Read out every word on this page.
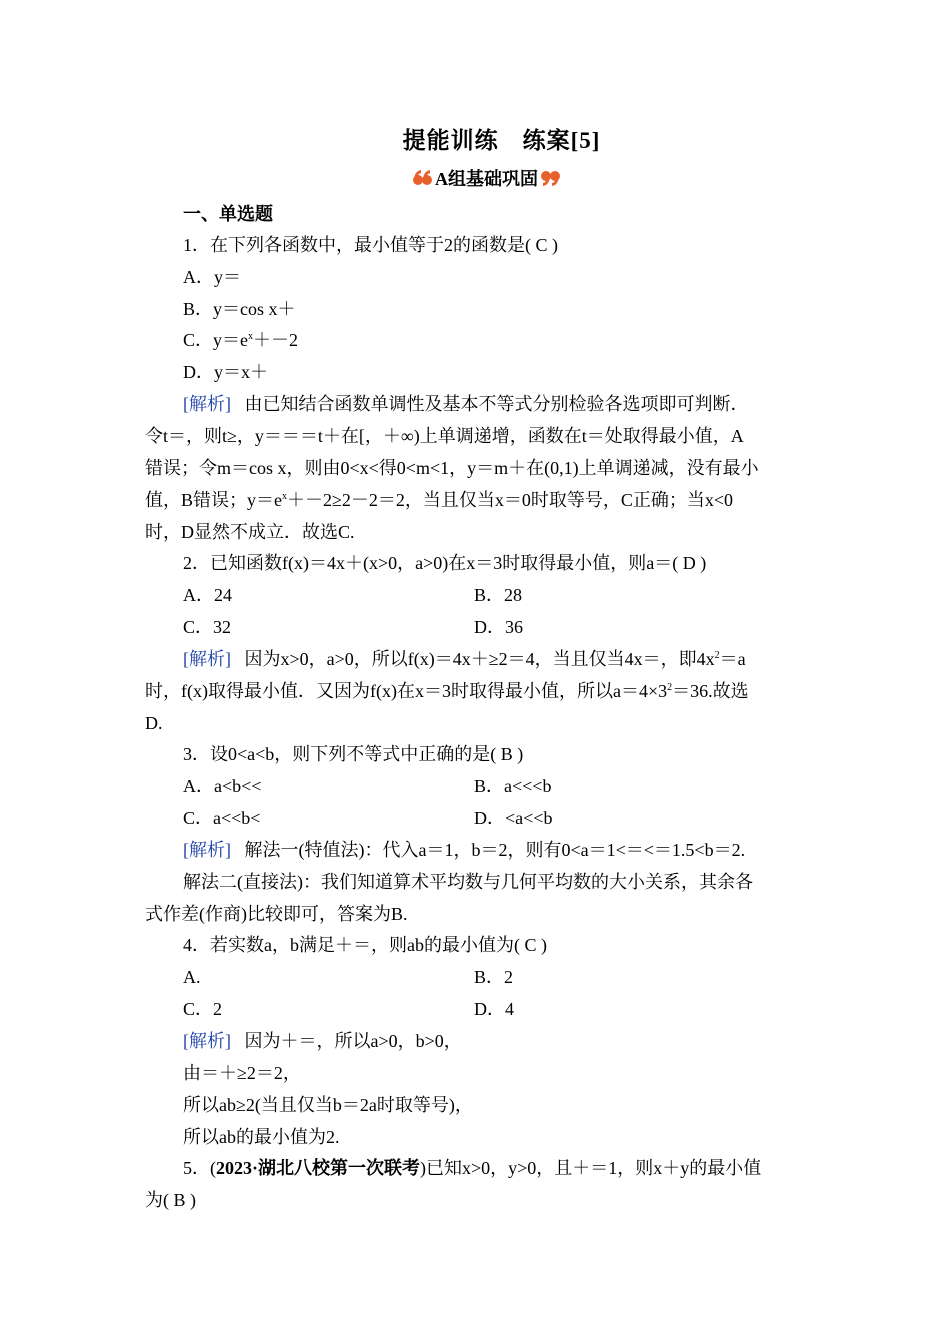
提能训练　练案[5]
A组基础巩固
一、单选题
1．在下列各函数中，最小值等于2的函数是( C )
A．y＝
B．y＝cos x＋
C．$y=e^x+-2$
D．y＝x＋
[解析] 由已知结合函数单调性及基本不等式分别检验各选项即可判断．
令t＝，则t≥，y＝＝＝t＋在[，＋∞)上单调递增，函数在t＝处取得最小值，A
错误；令m＝cos x，则由0<x<得0<m<1，y＝m＋在(0,1)上单调递减，没有最小
值，B错误；$y=e^x+-2\ge 2-2=2$，当且仅当x＝0时取等号，C正确；当x<0
时，D显然不成立．故选C.
2．已知函数f(x)＝4x＋(x>0，a>0)在x＝3时取得最小值，则a＝( D )
A．24	B．28
C．32	D．36
[解析] 因为x>0，a>0，所以f(x)＝4x＋≥2＝4，当且仅当4x＝，即$4x^2=a$
时，f(x)取得最小值．又因为f(x)在x＝3时取得最小值，所以$a=4\times 3^2=36$.故选
D.
3．设0<a<b，则下列不等式中正确的是( B )
A．a<b<<	B．a<<<b
C．a<<b<	D．<a<<b
[解析] 解法一(特值法)：代入a＝1，b＝2，则有0<a＝1<＝<＝1.5<b＝2.
解法二(直接法)：我们知道算术平均数与几何平均数的大小关系，其余各
式作差(作商)比较即可，答案为B.
4．若实数a，b满足＋＝，则ab的最小值为( C )
A.	B．2
C．2	D．4
[解析] 因为＋＝，所以a>0，b>0，
由＝＋≥2＝2，
所以ab≥2(当且仅当b＝2a时取等号)，
所以ab的最小值为2.
5．(2023·湖北八校第一次联考)已知x>0，y>0，且＋＝1，则x＋y的最小值
为( B )
